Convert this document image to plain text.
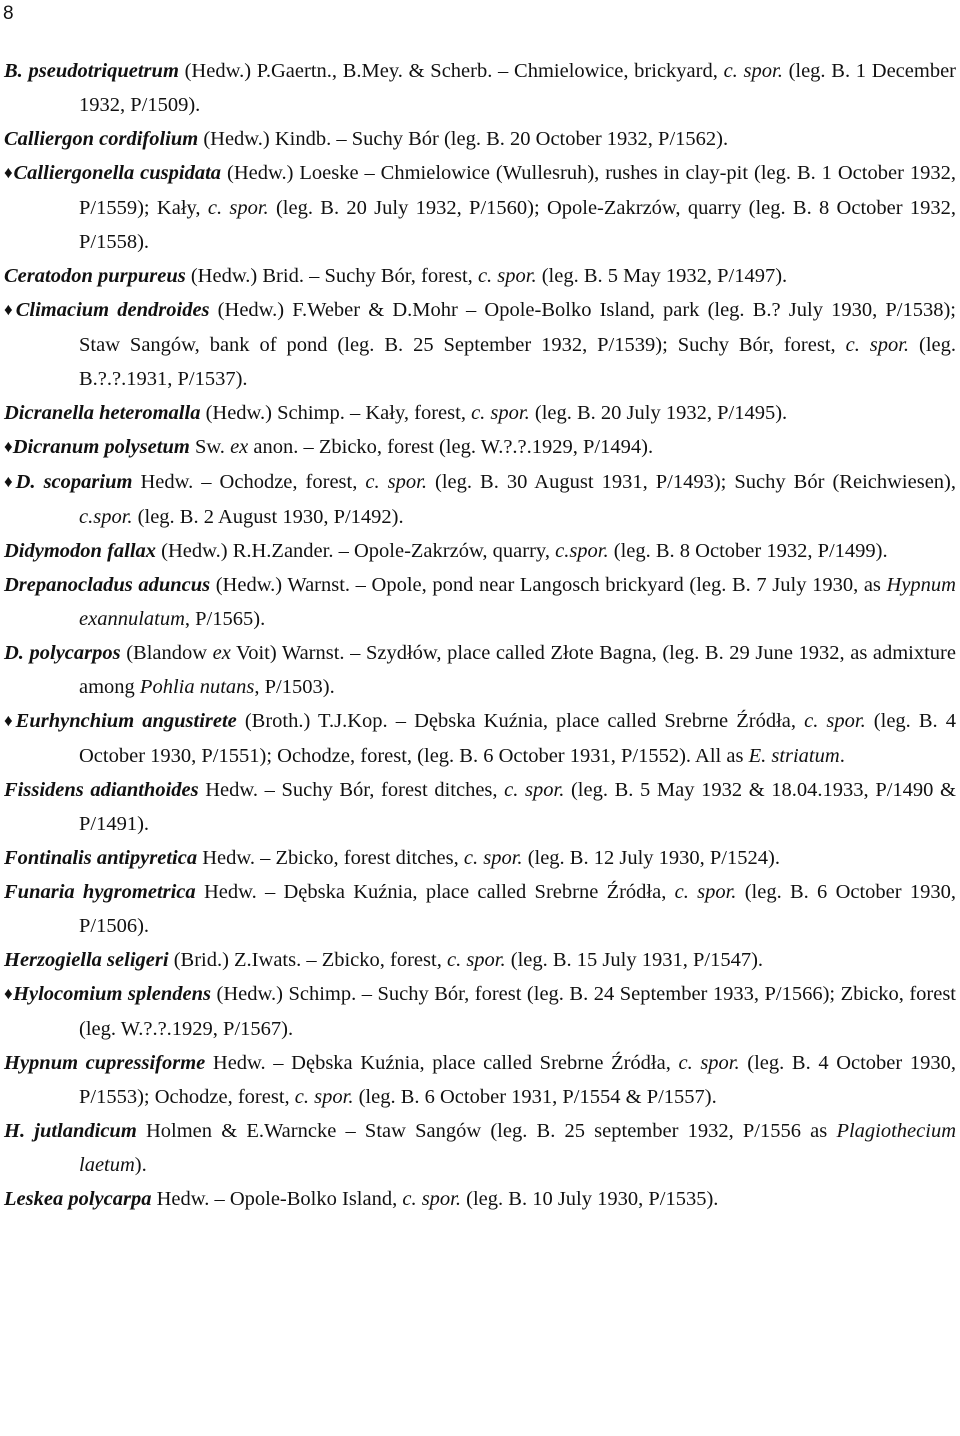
8

B. pseudotriquetrum (Hedw.) P.Gaertn., B.Mey. & Scherb. – Chmielowice, brickyard, c. spor. (leg. B. 1 December 1932, P/1509).

Calliergon cordifolium (Hedw.) Kindb. – Suchy Bór (leg. B. 20 October 1932, P/1562).

♦Calliergonella cuspidata (Hedw.) Loeske – Chmielowice (Wullesruh), rushes in clay-pit (leg. B. 1 October 1932, P/1559); Kały, c. spor. (leg. B. 20 July 1932, P/1560); Opole-Zakrzów, quarry (leg. B. 8 October 1932, P/1558).

Ceratodon purpureus (Hedw.) Brid. – Suchy Bór, forest, c. spor. (leg. B. 5 May 1932, P/1497).

♦Climacium dendroides (Hedw.) F.Weber & D.Mohr – Opole-Bolko Island, park (leg. B.? July 1930, P/1538); Staw Sangów, bank of pond (leg. B. 25 September 1932, P/1539); Suchy Bór, forest, c. spor. (leg. B.?.?.1931, P/1537).

Dicranella heteromalla (Hedw.) Schimp. – Kały, forest, c. spor. (leg. B. 20 July 1932, P/1495).

♦Dicranum polysetum Sw. ex anon. – Zbicko, forest (leg. W.?.?.1929, P/1494).

♦D. scoparium Hedw. – Ochodze, forest, c. spor. (leg. B. 30 August 1931, P/1493); Suchy Bór (Reichwiesen), c.spor. (leg. B. 2 August 1930, P/1492).

Didymodon fallax (Hedw.) R.H.Zander. – Opole-Zakrzów, quarry, c.spor. (leg. B. 8 October 1932, P/1499).

Drepanocladus aduncus (Hedw.) Warnst. – Opole, pond near Langosch brickyard (leg. B. 7 July 1930, as Hypnum exannulatum, P/1565).

D. polycarpos (Blandow ex Voit) Warnst. – Szydłów, place called Złote Bagna, (leg. B. 29 June 1932, as admixture among Pohlia nutans, P/1503).

♦Eurhynchium angustirete (Broth.) T.J.Kop. – Dębska Kuźnia, place called Srebrne Źródła, c. spor. (leg. B. 4 October 1930, P/1551); Ochodze, forest, (leg. B. 6 October 1931, P/1552). All as E. striatum.

Fissidens adianthoides Hedw. – Suchy Bór, forest ditches, c. spor. (leg. B. 5 May 1932 & 18.04.1933, P/1490 & P/1491).

Fontinalis antipyretica Hedw. – Zbicko, forest ditches, c. spor. (leg. B. 12 July 1930, P/1524).

Funaria hygrometrica Hedw. – Dębska Kuźnia, place called Srebrne Źródła, c. spor. (leg. B. 6 October 1930, P/1506).

Herzogiella seligeri (Brid.) Z.Iwats. – Zbicko, forest, c. spor. (leg. B. 15 July 1931, P/1547).

♦Hylocomium splendens (Hedw.) Schimp. – Suchy Bór, forest (leg. B. 24 September 1933, P/1566); Zbicko, forest (leg. W.?.?.1929, P/1567).

Hypnum cupressiforme Hedw. – Dębska Kuźnia, place called Srebrne Źródła, c. spor. (leg. B. 4 October 1930, P/1553); Ochodze, forest, c. spor. (leg. B. 6 October 1931, P/1554 & P/1557).

H. jutlandicum Holmen & E.Warncke – Staw Sangów (leg. B. 25 september 1932, P/1556 as Plagiothecium laetum).

Leskea polycarpa Hedw. – Opole-Bolko Island, c. spor. (leg. B. 10 July 1930, P/1535).
